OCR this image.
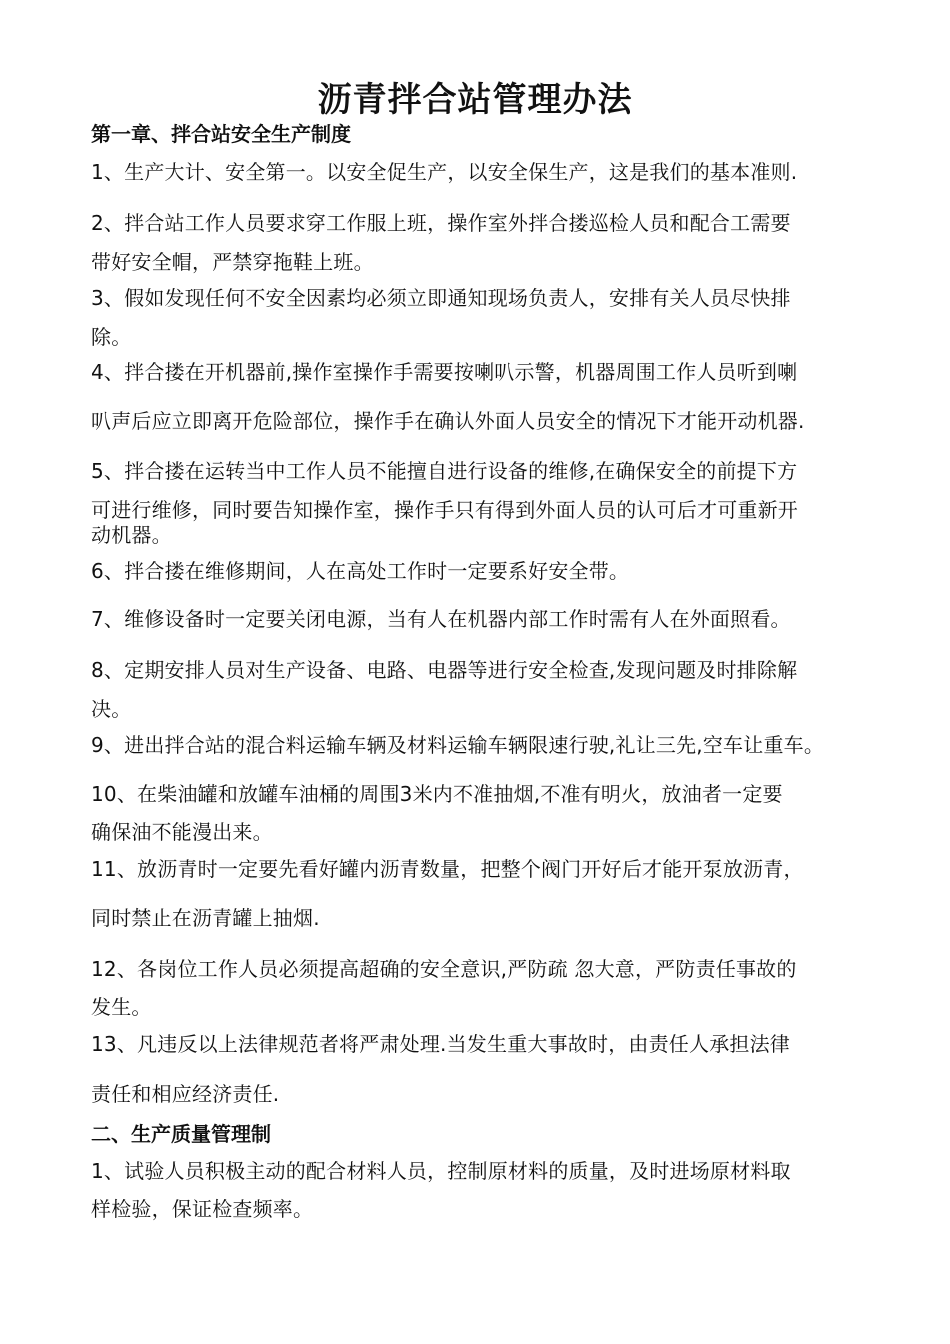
沥青拌合站管理办法
第一章、拌合站安全生产制度
1、生产大计、安全第一。以安全促生产，以安全保生产，这是我们的基本准则.
2、拌合站工作人员要求穿工作服上班，操作室外拌合搂巡检人员和配合工需要
带好安全帽，严禁穿拖鞋上班。
3、假如发现任何不安全因素均必须立即通知现场负责人，安排有关人员尽快排
除。
4、拌合搂在开机器前,操作室操作手需要按喇叭示警，机器周围工作人员听到喇
叭声后应立即离开危险部位，操作手在确认外面人员安全的情况下才能开动机器.
5、拌合搂在运转当中工作人员不能擅自进行设备的维修,在确保安全的前提下方
可进行维修，同时要告知操作室，操作手只有得到外面人员的认可后才可重新开
动机器。
6、拌合搂在维修期间，人在高处工作时一定要系好安全带。
7、维修设备时一定要关闭电源，当有人在机器内部工作时需有人在外面照看。
8、定期安排人员对生产设备、电路、电器等进行安全检查,发现问题及时排除解
决。
9、进出拌合站的混合料运输车辆及材料运输车辆限速行驶,礼让三先,空车让重车。
10、在柴油罐和放罐车油桶的周围3米内不准抽烟,不准有明火，放油者一定要
确保油不能漫出来。
11、放沥青时一定要先看好罐内沥青数量，把整个阀门开好后才能开泵放沥青，
同时禁止在沥青罐上抽烟.
12、各岗位工作人员必须提高超确的安全意识,严防疏 忽大意，严防责任事故的
发生。
13、凡违反以上法律规范者将严肃处理.当发生重大事故时，由责任人承担法律
责任和相应经济责任.
二、生产质量管理制
1、试验人员积极主动的配合材料人员，控制原材料的质量，及时进场原材料取
样检验，保证检查频率。
